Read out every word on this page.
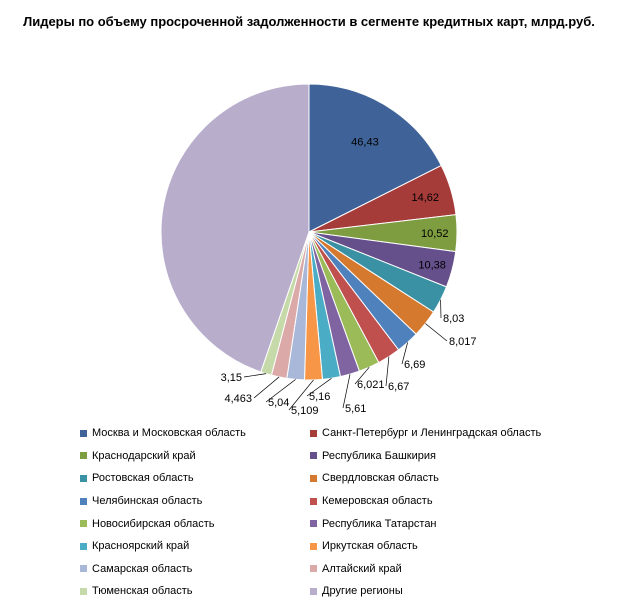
Лидеры по объему просроченной задолженности в сегменте кредитных карт, млрд.руб.
46,43
14,62
10,52
10,38
8,03
8,017
6,69
6,67
6,021
5,61
5,16
5,109
5,04
4,463
3,15
Москва и Московская область	Санкт-Петербург и Ленинградская область
Краснодарский край	Республика Башкирия
Ростовская область	Свердловская область
Челябинская область	Кемеровская область
Новосибирская область	Республика Татарстан
Красноярский край	Иркутская область
Самарская область	Алтайский край
Тюменская область	Другие регионы
